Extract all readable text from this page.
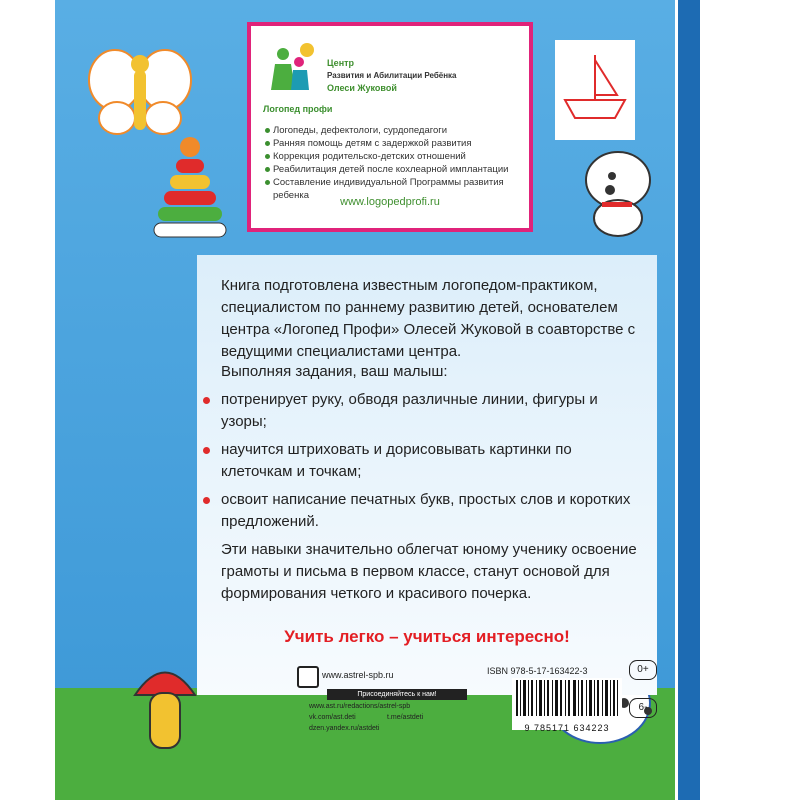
Логопед профи
Центр
Развития и Абилитации Ребёнка
Олеси Жуковой
Логопеды, дефектологи, сурдопедагоги
Ранняя помощь детям с задержкой развития
Коррекция родительско-детских отношений
Реабилитация детей после кохлеарной имплантации
Составление индивидуальной Программы развития ребенка
www.logopedprofi.ru

Книга подготовлена известным логопедом-практиком, специалистом по раннему развитию детей, основателем центра «Логопед Профи» Олесей Жуковой в соавторстве с ведущими специалистами центра.

Выполняя задания, ваш малыш:

потренирует руку, обводя различные линии, фигуры и узоры;
научится штриховать и дорисовывать картинки по клеточкам и точкам;
освоит написание печатных букв, простых слов и коротких предложений.

Эти навыки значительно облегчат юному ученику освоение грамоты и письма в первом классе, станут основой для формирования четкого и красивого почерка.

Учить легко – учиться интересно!
www.astrel-spb.ru
Присоединяйтесь к нам!
www.ast.ru/redactions/astrel-spb
vk.com/ast.deti	t.me/astdeti
dzen.yandex.ru/astdeti
ISBN 978-5-17-163422-3
9 785171 634223
0+
6-
